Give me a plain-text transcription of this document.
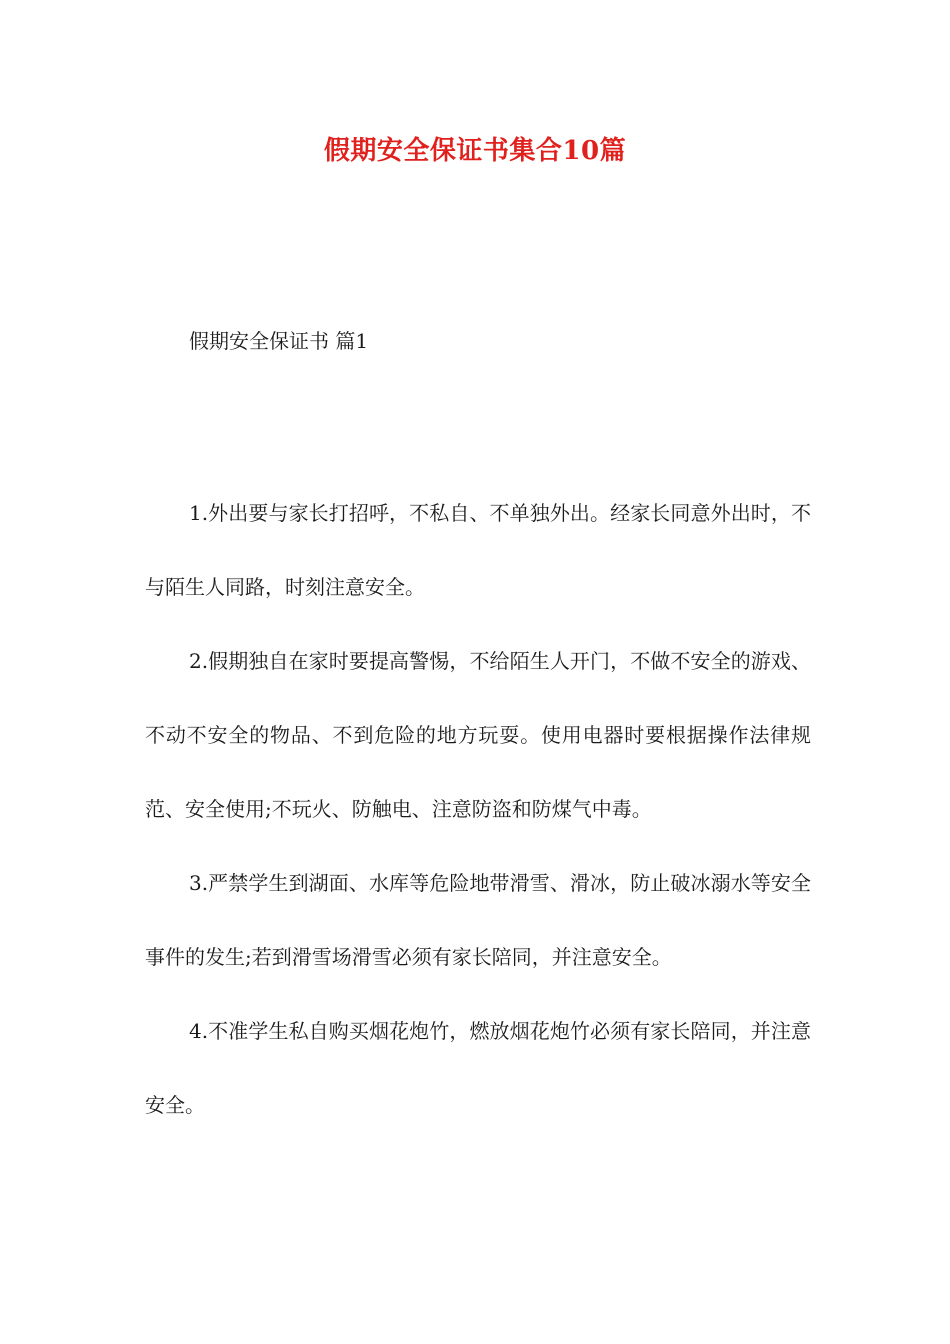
假期安全保证书集合10篇
假期安全保证书 篇1

1.外出要与家长打招呼，不私自、不单独外出。经家长同意外出时，不与陌生人同路，时刻注意安全。

2.假期独自在家时要提高警惕，不给陌生人开门，不做不安全的游戏、不动不安全的物品、不到危险的地方玩耍。使用电器时要根据操作法律规范、安全使用;不玩火、防触电、注意防盗和防煤气中毒。

3.严禁学生到湖面、水库等危险地带滑雪、滑冰，防止破冰溺水等安全事件的发生;若到滑雪场滑雪必须有家长陪同，并注意安全。

4.不准学生私自购买烟花炮竹，燃放烟花炮竹必须有家长陪同，并注意安全。
